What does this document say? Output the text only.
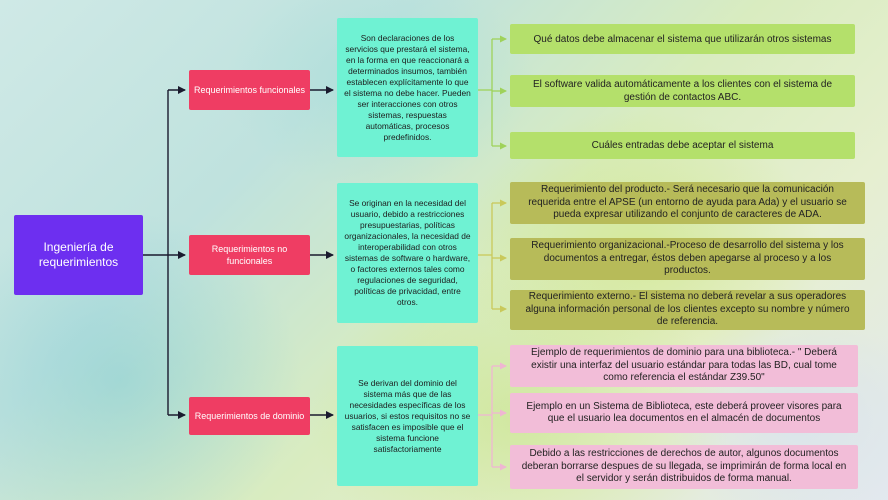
Ingeniería de requerimientos
Requerimientos funcionales
Requerimientos no funcionales
Requerimientos de dominio
Son declaraciones de los servicios que prestará el sistema, en la forma en que reaccionará a determinados insumos, también establecen explícitamente lo que el sistema no debe hacer. Pueden ser interacciones con otros sistemas, respuestas automáticas, procesos predefinidos.
Se originan en la necesidad del usuario, debido a restricciones presupuestarias, políticas organizacionales, la necesidad de interoperabilidad con otros sistemas de software o hardware, o factores externos tales como regulaciones de seguridad, políticas de privacidad, entre otros.
Se derivan del dominio del sistema más que de las necesidades específicas de los usuarios, si estos requisitos no se satisfacen es imposible que el sistema funcione satisfactoriamente
Qué datos debe almacenar el sistema que utilizarán otros sistemas
El software valida automáticamente a los clientes con el sistema de gestión de contactos ABC.
Cuáles entradas debe aceptar el sistema
Requerimiento del producto.- Será necesario que la comunicación requerida entre el APSE (un entorno de ayuda para Ada) y el usuario se pueda expresar utilizando el conjunto de caracteres de ADA.
Requerimiento organizacional.-Proceso de desarrollo del sistema y los documentos a entregar, éstos deben apegarse al proceso y a los productos.
Requerimiento externo.- El sistema no deberá revelar a sus operadores alguna información personal de los clientes excepto su nombre y número de referencia.
Ejemplo de requerimientos de dominio para una biblioteca.- " Deberá existir una interfaz del usuario estándar para todas las BD, cual tome como referencia el estándar Z39.50"
Ejemplo en un Sistema de Biblioteca, este deberá proveer visores para que el usuario lea documentos en el almacén de documentos
Debido a las restricciones de derechos de autor, algunos documentos deberan borrarse despues de su llegada, se imprimirán de forma local en el servidor y serán distribuidos de forma manual.
